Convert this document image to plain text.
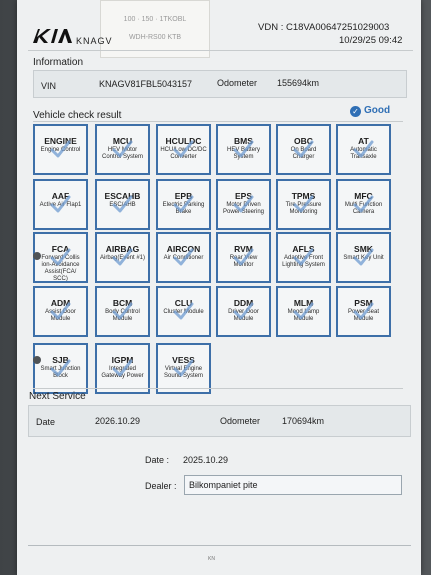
100 · 150 · 1TKOBL
WDH-RS00 KTB
KNAGV
VDN : C18VA00647251029003
10/29/25 09:42
Information
VIN	KNAGV81FBL5043157	Odometer 155694km
Vehicle check result	✓ Good
ENGINE
Engine Control
MCU
HEV Motor Control System
HCULDC
HCU/Low DC/DC Converter
BMS
HEV Battery System
OBC
On Board Charger
AT
Automatic Transaxle
AAF
Active Air Flap1
ESCAHB
ESC/AHB
EPB
Electric Parking Brake
EPS
Motor Driven Power Steering
TPMS
Tire Pressure Monitoring
MFC
Multi Function Camera
FCA
Forward Collis ion-Avoidance Assist(FCA/ SCC)
AIRBAG
Airbag(Event #1)
AIRCON
Air Conditioner
RVM
Rear View Monitor
AFLS
Adaptive Front Lighting System
SMK
Smart Key Unit
ADM
Assist Door Module
BCM
Body Control Module
CLU
Cluster Module
DDM
Driver Door Module
MLM
Mood Lamp Module
PSM
Power Seat Module
SJB
Smart Junction Block
IGPM
Integrated Gateway Power
VESS
Virtual Engine Sound System
Next Service
Date	2026.10.29	Odometer 170694km
Date : 2025.10.29
Dealer : Bilkompaniet pite
KN
